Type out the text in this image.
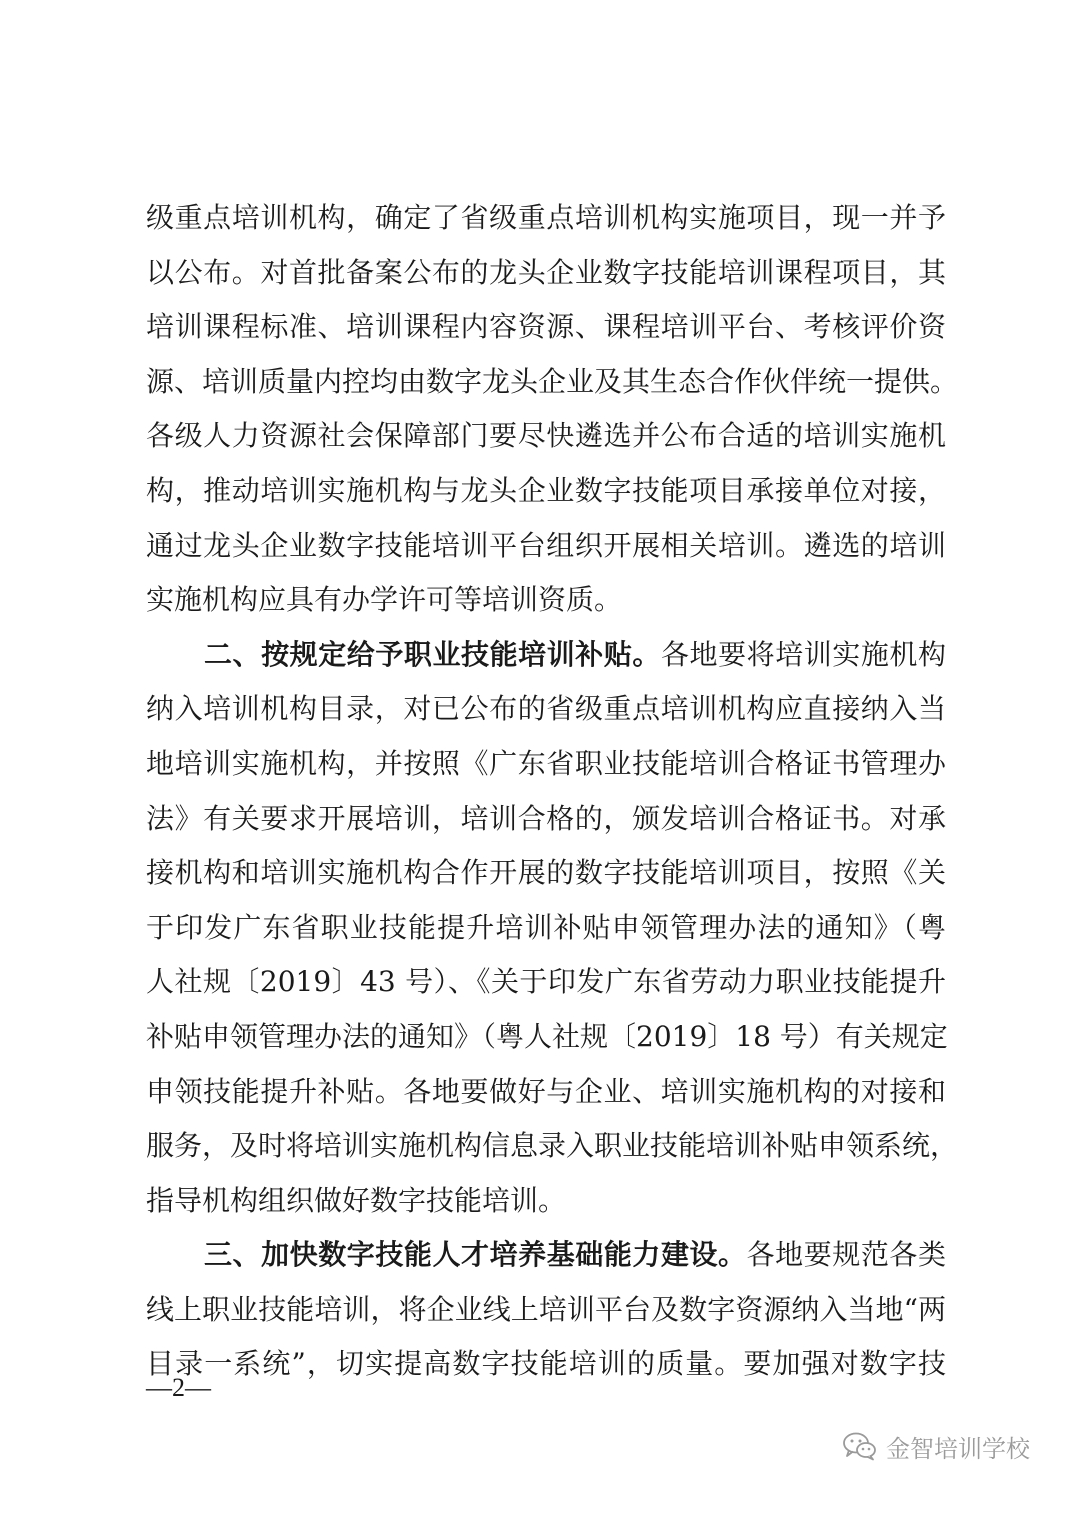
级重点培训机构，确定了省级重点培训机构实施项目，现一并予
以公布。对首批备案公布的龙头企业数字技能培训课程项目，其
培训课程标准、培训课程内容资源、课程培训平台、考核评价资
源、培训质量内控均由数字龙头企业及其生态合作伙伴统一提供。
各级人力资源社会保障部门要尽快遴选并公布合适的培训实施机
构，推动培训实施机构与龙头企业数字技能项目承接单位对接，
通过龙头企业数字技能培训平台组织开展相关培训。遴选的培训
实施机构应具有办学许可等培训资质。
二、按规定给予职业技能培训补贴。各地要将培训实施机构
纳入培训机构目录，对已公布的省级重点培训机构应直接纳入当
地培训实施机构，并按照《广东省职业技能培训合格证书管理办
法》有关要求开展培训，培训合格的，颁发培训合格证书。对承
接机构和培训实施机构合作开展的数字技能培训项目，按照《关
于印发广东省职业技能提升培训补贴申领管理办法的通知》（粤
人社规〔2019〕43 号）、《关于印发广东省劳动力职业技能提升
补贴申领管理办法的通知》（粤人社规〔2019〕18 号）有关规定
申领技能提升补贴。各地要做好与企业、培训实施机构的对接和
服务，及时将培训实施机构信息录入职业技能培训补贴申领系统，
指导机构组织做好数字技能培训。
三、加快数字技能人才培养基础能力建设。各地要规范各类
线上职业技能培训，将企业线上培训平台及数字资源纳入当地“两
目录一系统”，切实提高数字技能培训的质量。要加强对数字技
—2—
金智培训学校
